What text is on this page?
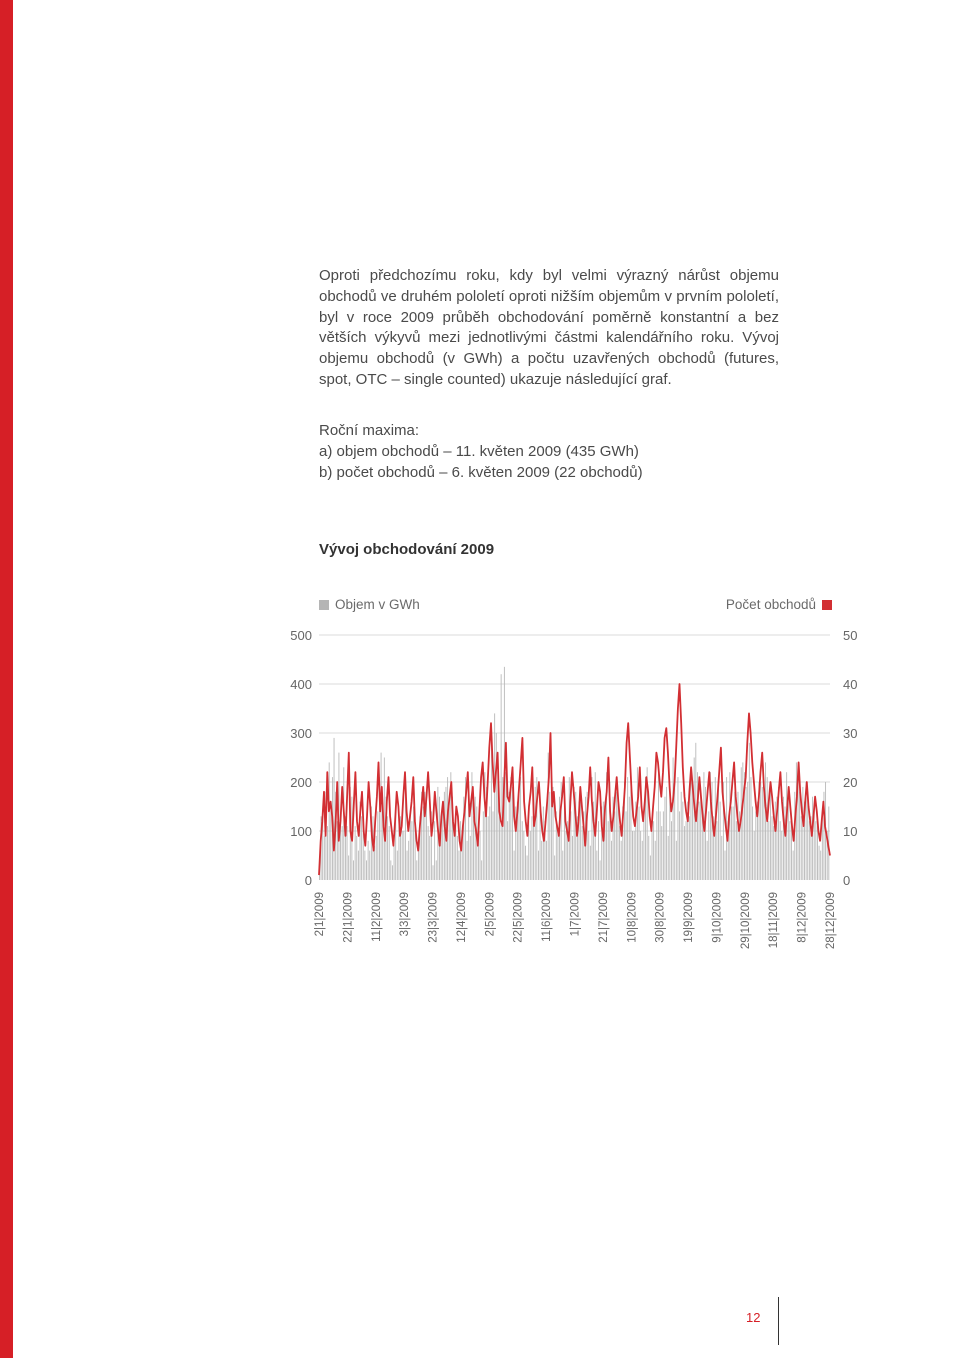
Oproti předchozímu roku, kdy byl velmi výrazný nárůst objemu obchodů ve druhém pololetí oproti nižším objemům v prvním pololetí, byl v roce 2009 průběh obchodování poměrně konstantní a bez větších výkyvů mezi jednotlivými částmi kalendářního roku. Vývoj objemu obchodů (v GWh) a počtu uzavřených obchodů (futures, spot, OTC – single counted) ukazuje následující graf.
Roční maxima:
a) objem obchodů – 11. květen 2009 (435 GWh)
b) počet obchodů – 6. květen 2009 (22 obchodů)
Vývoj obchodování 2009
Objem v GWh	Počet obchodů
0	0
100	10
200	20
300	30
400	40
500	50
2|1|2009 22|1|2009 11|2|2009 3|3|2009 23|3|2009 12|4|2009 2|5|2009 22|5|2009 11|6|2009 1|7|2009 21|7|2009 10|8|2009 30|8|2009 19|9|2009 9|10|2009 29|10|2009 18|11|2009 8|12|2009 28|12|2009
12
